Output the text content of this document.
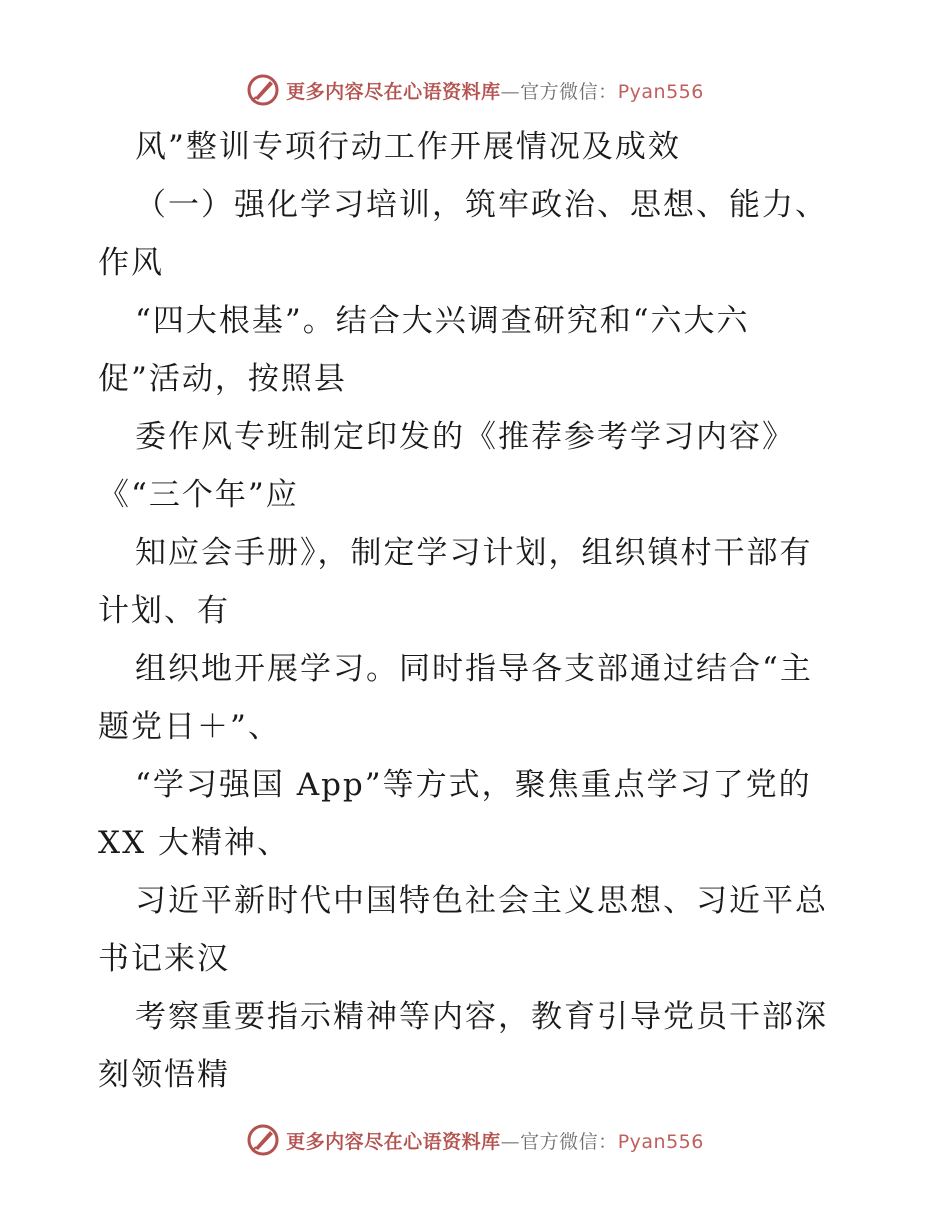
更多内容尽在心语资料库—官方微信：Pyan556
风”整训专项行动工作开展情况及成效
（一）强化学习培训，筑牢政治、思想、能力、
作风
“四大根基”。结合大兴调查研究和“六大六
促”活动，按照县
委作风专班制定印发的《推荐参考学习内容》
《“三个年”应
知应会手册》，制定学习计划，组织镇村干部有
计划、有
组织地开展学习。同时指导各支部通过结合“主
题党日＋”、
“学习强国 App”等方式，聚焦重点学习了党的
XX 大精神、
习近平新时代中国特色社会主义思想、习近平总
书记来汉
考察重要指示精神等内容，教育引导党员干部深
刻领悟精
更多内容尽在心语资料库—官方微信：Pyan556
